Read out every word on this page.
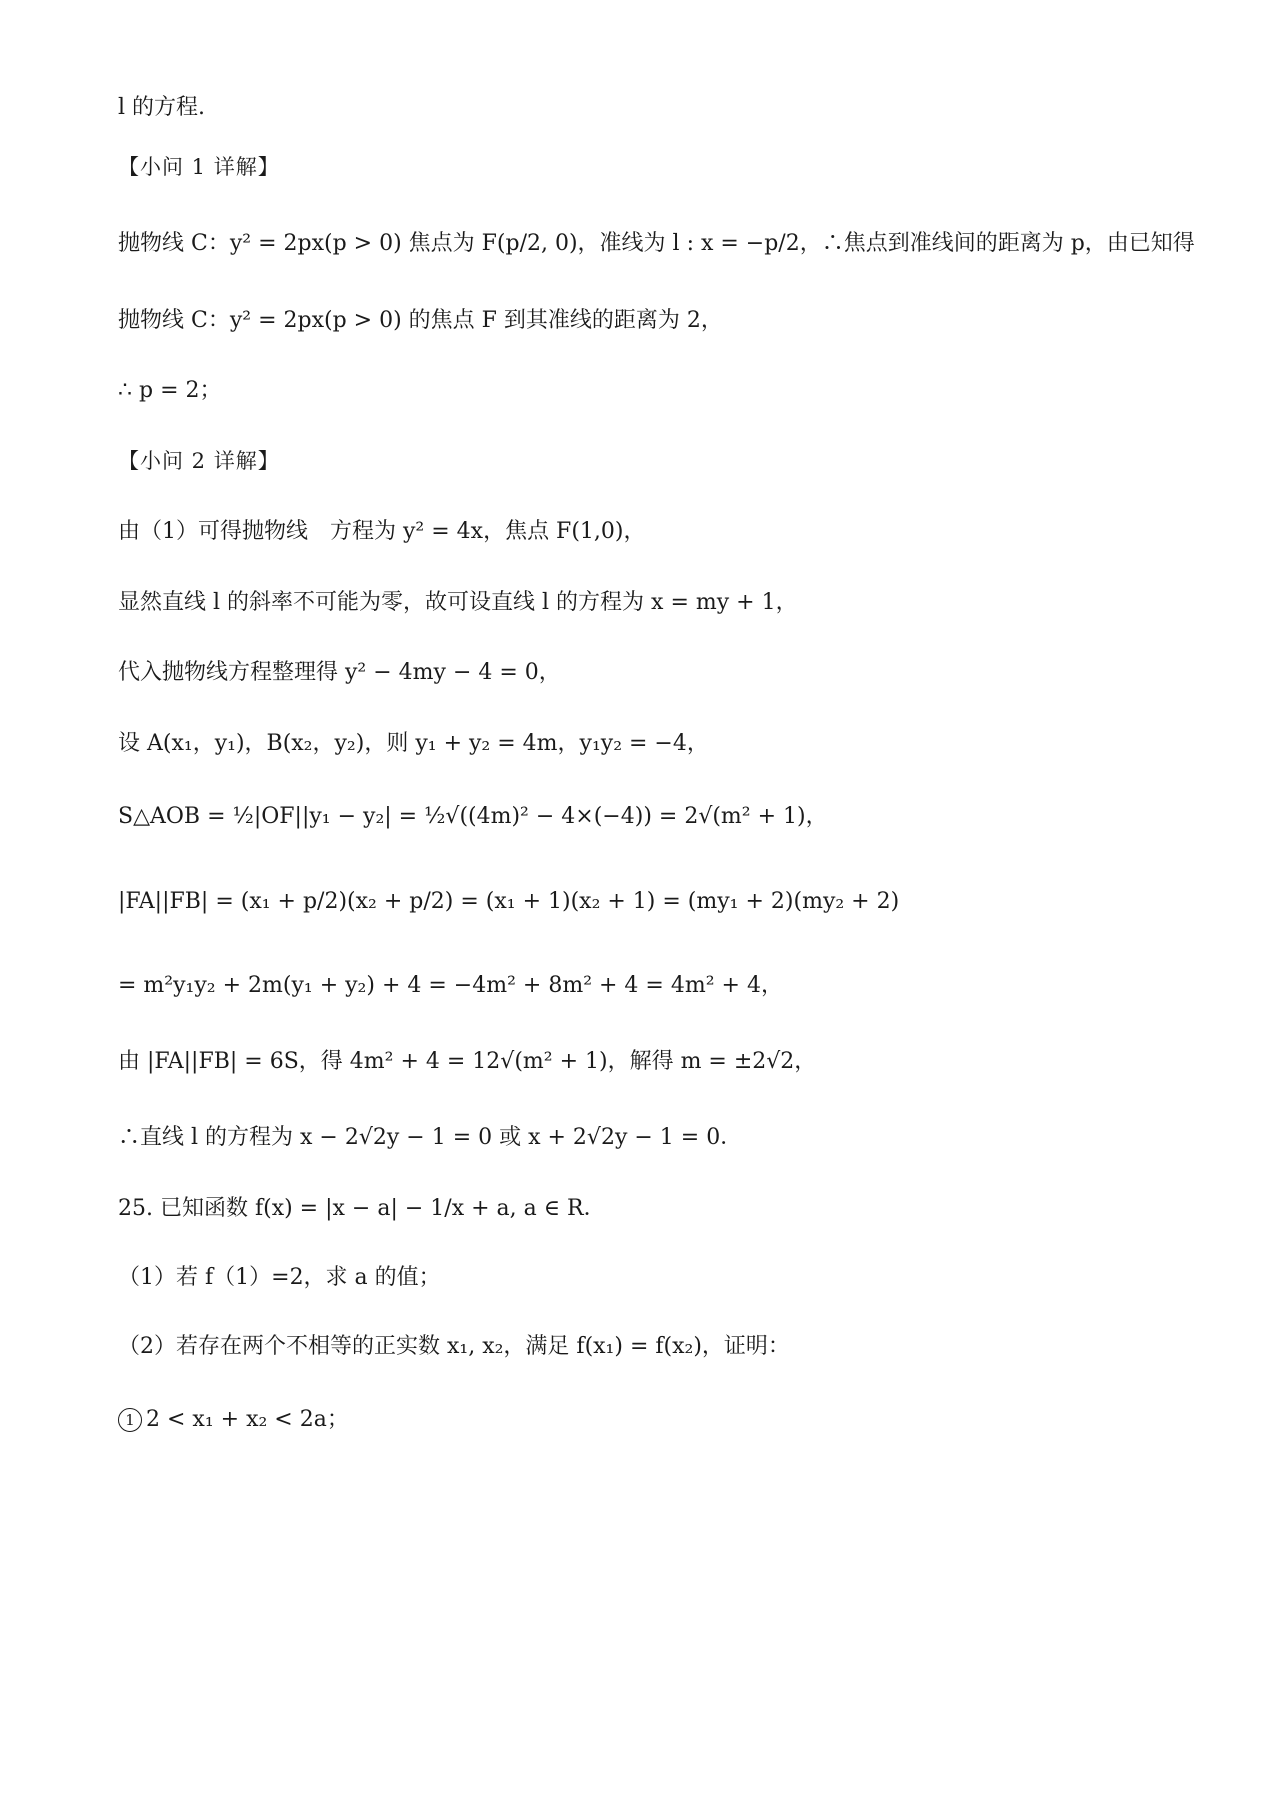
l 的方程.
【小问 1 详解】
抛物线 C：y² = 2px(p > 0) 焦点为 F(p/2, 0)，准线为 l : x = −p/2，∴焦点到准线间的距离为 p，由已知得
抛物线 C：y² = 2px(p > 0) 的焦点 F 到其准线的距离为 2，
∴ p = 2；
【小问 2 详解】
由（1）可得抛物线　方程为 y² = 4x，焦点 F(1,0)，
显然直线 l 的斜率不可能为零，故可设直线 l 的方程为 x = my + 1，
代入抛物线方程整理得 y² − 4my − 4 = 0，
设 A(x₁，y₁)，B(x₂，y₂)，则 y₁ + y₂ = 4m，y₁y₂ = −4，
S△AOB = ½|OF||y₁ − y₂| = ½√((4m)² − 4×(−4)) = 2√(m² + 1)，
|FA||FB| = (x₁ + p/2)(x₂ + p/2) = (x₁ + 1)(x₂ + 1) = (my₁ + 2)(my₂ + 2)
= m²y₁y₂ + 2m(y₁ + y₂) + 4 = −4m² + 8m² + 4 = 4m² + 4，
由 |FA||FB| = 6S，得 4m² + 4 = 12√(m² + 1)，解得 m = ±2√2，
∴直线 l 的方程为 x − 2√2y − 1 = 0 或 x + 2√2y − 1 = 0．
25. 已知函数 f(x) = |x − a| − 1/x + a, a ∈ R．
（1）若 f（1）=2，求 a 的值；
（2）若存在两个不相等的正实数 x₁, x₂，满足 f(x₁) = f(x₂)，证明：
1 2 < x₁ + x₂ < 2a；
